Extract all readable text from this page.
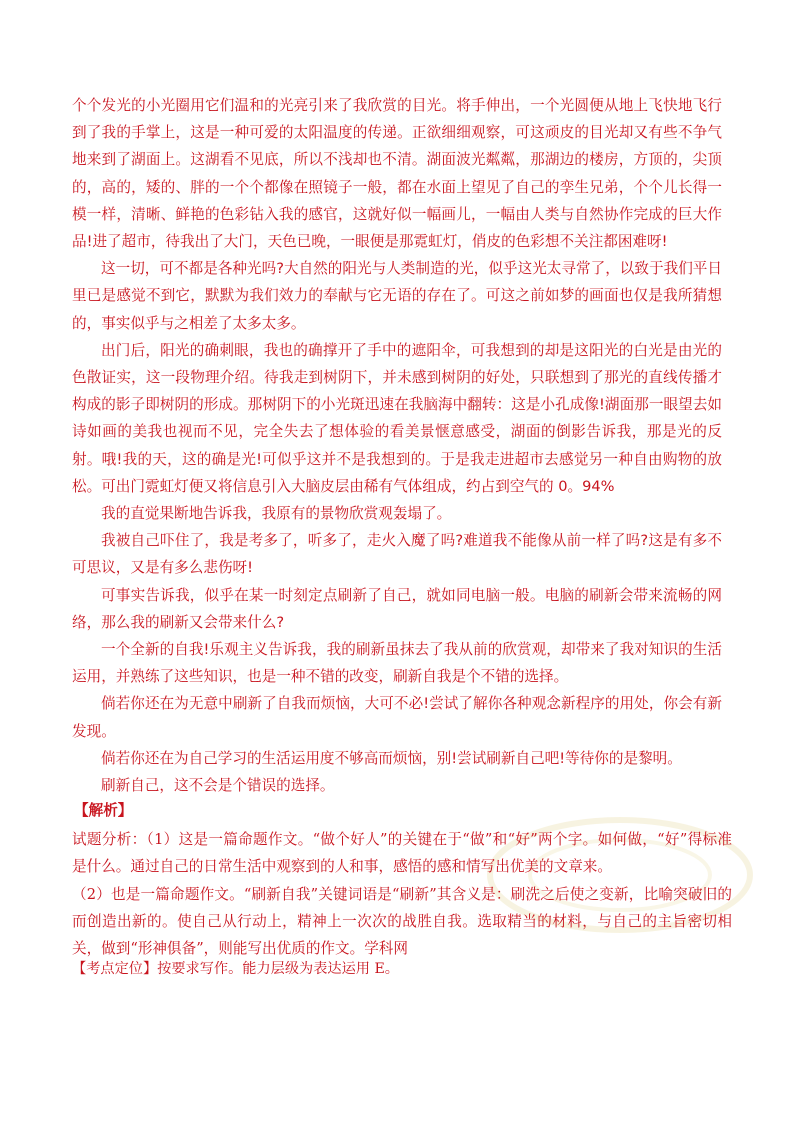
个个发光的小光圈用它们温和的光亮引来了我欣赏的目光。将手伸出，一个光圆便从地上飞快地飞行到了我的手掌上，这是一种可爱的太阳温度的传递。正欲细细观察，可这顽皮的目光却又有些不争气地来到了湖面上。这湖看不见底，所以不浅却也不清。湖面波光粼粼，那湖边的楼房，方顶的，尖顶的，高的，矮的、胖的一个个都像在照镜子一般，都在水面上望见了自己的孪生兄弟，个个儿长得一模一样，清晰、鲜艳的色彩钻入我的感官，这就好似一幅画儿，一幅由人类与自然协作完成的巨大作品!进了超市，待我出了大门，天色已晚，一眼便是那霓虹灯，俏皮的色彩想不关注都困难呀!

这一切，可不都是各种光吗?大自然的阳光与人类制造的光，似乎这光太寻常了，以致于我们平日里已是感觉不到它，默默为我们效力的奉献与它无语的存在了。可这之前如梦的画面也仅是我所猜想的，事实似乎与之相差了太多太多。

出门后，阳光的确刺眼，我也的确撑开了手中的遮阳伞，可我想到的却是这阳光的白光是由光的色散证实，这一段物理介绍。待我走到树阴下，并未感到树阴的好处，只联想到了那光的直线传播才构成的影子即树阴的形成。那树阴下的小光斑迅速在我脑海中翻转：这是小孔成像!湖面那一眼望去如诗如画的美我也视而不见，完全失去了想体验的看美景惬意感受，湖面的倒影告诉我，那是光的反射。哦!我的天，这的确是光!可似乎这并不是我想到的。于是我走进超市去感觉另一种自由购物的放松。可出门霓虹灯便又将信息引入大脑皮层由稀有气体组成，约占到空气的 0。94%

我的直觉果断地告诉我，我原有的景物欣赏观轰塌了。

我被自己吓住了，我是考多了，听多了，走火入魔了吗?难道我不能像从前一样了吗?这是有多不可思议，又是有多么悲伤呀!

可事实告诉我，似乎在某一时刻定点刷新了自己，就如同电脑一般。电脑的刷新会带来流畅的网络，那么我的刷新又会带来什么?

一个全新的自我!乐观主义告诉我，我的刷新虽抹去了我从前的欣赏观，却带来了我对知识的生活运用，并熟练了这些知识，也是一种不错的改变，刷新自我是个不错的选择。

倘若你还在为无意中刷新了自我而烦恼，大可不必!尝试了解你各种观念新程序的用处，你会有新发现。

倘若你还在为自己学习的生活运用度不够高而烦恼，别!尝试刷新自己吧!等待你的是黎明。

刷新自己，这不会是个错误的选择。

【解析】

试题分析：（1）这是一篇命题作文。“做个好人”的关键在于“做”和“好”两个字。如何做，“好”得标准是什么。通过自己的日常生活中观察到的人和事，感悟的感和情写出优美的文章来。

（2）也是一篇命题作文。“刷新自我”关键词语是“刷新”其含义是：刷洗之后使之变新，比喻突破旧的而创造出新的。使自己从行动上，精神上一次次的战胜自我。选取精当的材料，与自己的主旨密切相关，做到“形神俱备”，则能写出优质的作文。学科网

【考点定位】按要求写作。能力层级为表达运用 E。
